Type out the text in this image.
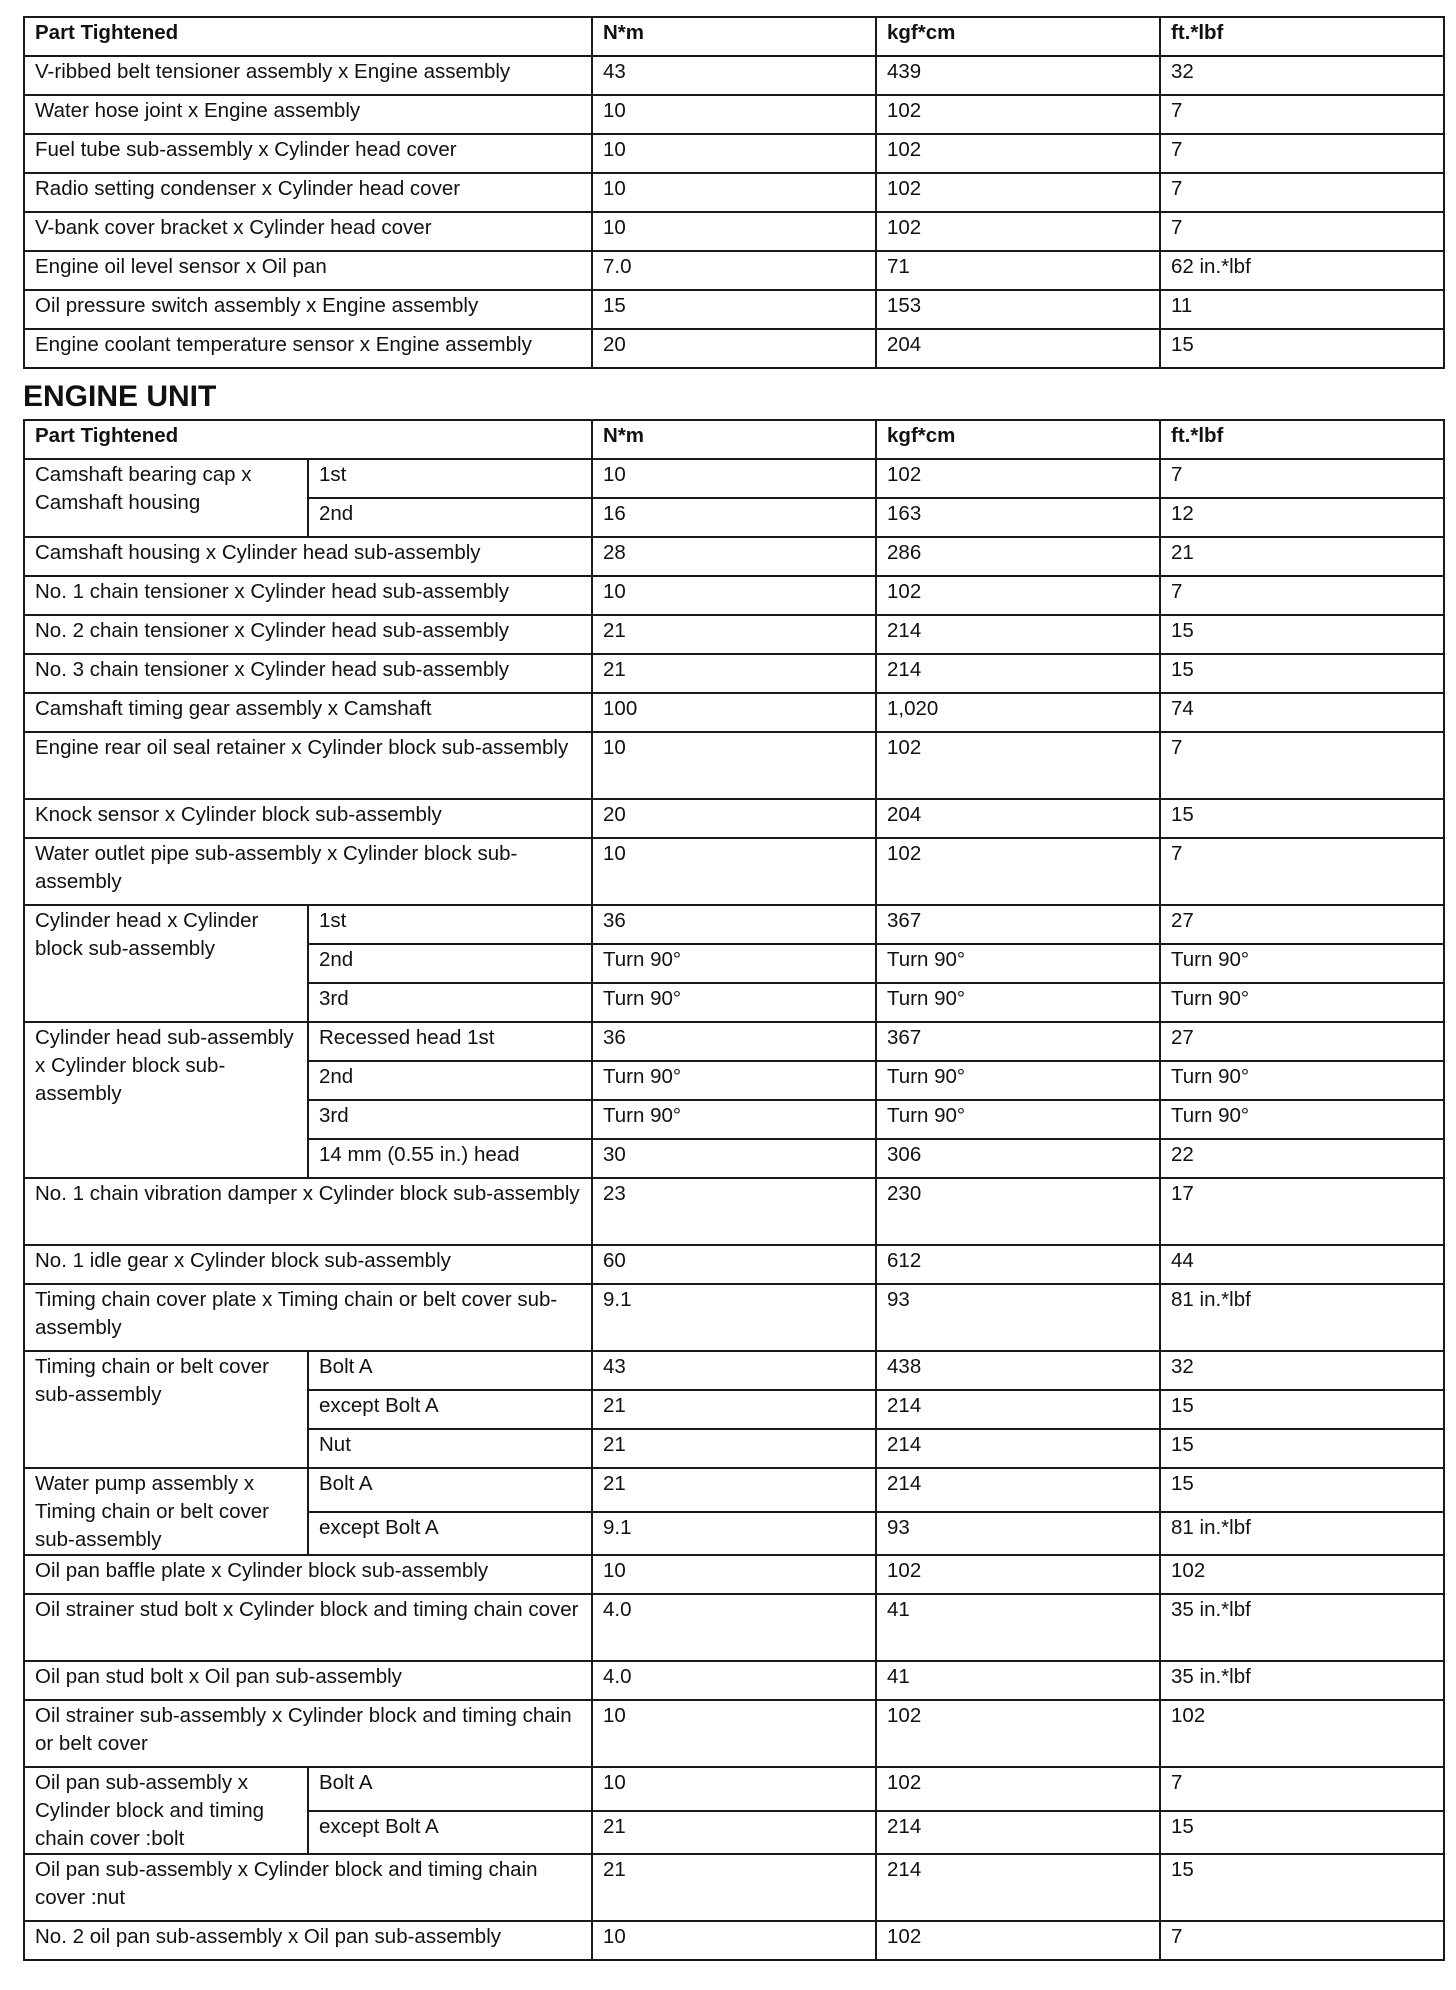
Part Tightened	N*m	kgf*cm	ft.*lbf
V-ribbed belt tensioner assembly x Engine assembly	43	439	32
Water hose joint x Engine assembly	10	102	7
Fuel tube sub-assembly x Cylinder head cover	10	102	7
Radio setting condenser x Cylinder head cover	10	102	7
V-bank cover bracket x Cylinder head cover	10	102	7
Engine oil level sensor x Oil pan	7.0	71	62 in.*lbf
Oil pressure switch assembly x Engine assembly	15	153	11
Engine coolant temperature sensor x Engine assembly	20	204	15
ENGINE UNIT
Part Tightened		N*m	kgf*cm	ft.*lbf
Camshaft bearing cap x Camshaft housing	1st	10	102	7
	2nd	16	163	12
Camshaft housing x Cylinder head sub-assembly		28	286	21
No. 1 chain tensioner x Cylinder head sub-assembly		10	102	7
No. 2 chain tensioner x Cylinder head sub-assembly		21	214	15
No. 3 chain tensioner x Cylinder head sub-assembly		21	214	15
Camshaft timing gear assembly x Camshaft		100	1,020	74
Engine rear oil seal retainer x Cylinder block sub-assembly		10	102	7
Knock sensor x Cylinder block sub-assembly		20	204	15
Water outlet pipe sub-assembly x Cylinder block sub-assembly		10	102	7
Cylinder head x Cylinder block sub-assembly	1st	36	367	27
	2nd	Turn 90°	Turn 90°	Turn 90°
	3rd	Turn 90°	Turn 90°	Turn 90°
Cylinder head sub-assembly x Cylinder block sub-assembly	Recessed head 1st	36	367	27
	2nd	Turn 90°	Turn 90°	Turn 90°
	3rd	Turn 90°	Turn 90°	Turn 90°
	14 mm (0.55 in.) head	30	306	22
No. 1 chain vibration damper x Cylinder block sub-assembly		23	230	17
No. 1 idle gear x Cylinder block sub-assembly		60	612	44
Timing chain cover plate x Timing chain or belt cover sub-assembly		9.1	93	81 in.*lbf
Timing chain or belt cover sub-assembly	Bolt A	43	438	32
	except Bolt A	21	214	15
	Nut	21	214	15
Water pump assembly x Timing chain or belt cover sub-assembly	Bolt A	21	214	15
	except Bolt A	9.1	93	81 in.*lbf
Oil pan baffle plate x Cylinder block sub-assembly		10	102	102
Oil strainer stud bolt x Cylinder block and timing chain cover		4.0	41	35 in.*lbf
Oil pan stud bolt x Oil pan sub-assembly		4.0	41	35 in.*lbf
Oil strainer sub-assembly x Cylinder block and timing chain or belt cover		10	102	102
Oil pan sub-assembly x Cylinder block and timing chain cover :bolt	Bolt A	10	102	7
	except Bolt A	21	214	15
Oil pan sub-assembly x Cylinder block and timing chain cover :nut		21	214	15
No. 2 oil pan sub-assembly x Oil pan sub-assembly		10	102	7
